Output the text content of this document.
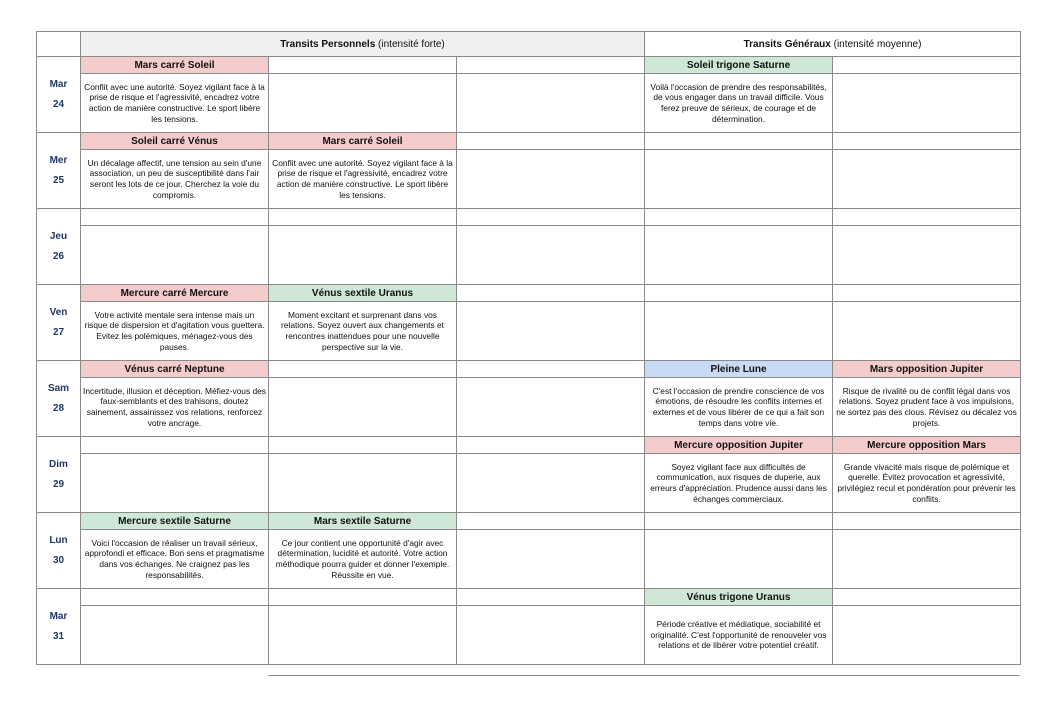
	Transits Personnels (intensité forte)			Transits Généraux (intensité moyenne)	

Mar
24	Mars carré Soleil			Soleil trigone Saturne	

	Conflit avec une autorité. Soyez vigilant face à la prise de risque et l'agressivité, encadrez votre action de manière constructive. Le sport libère les tensions.			Voilà l'occasion de prendre des responsabilités, de vous engager dans un travail difficile. Vous ferez preuve de sérieux, de courage et de détermination.	

Mer
25	Soleil carré Vénus	Mars carré Soleil			

	Un décalage affectif, une tension au sein d'une association, un peu de susceptibilité dans l'air seront les lots de ce jour. Cherchez la voie du compromis.	Conflit avec une autorité. Soyez vigilant face à la prise de risque et l'agressivité, encadrez votre action de manière constructive. Le sport libère les tensions.			

Jeu
26					

Ven
27	Mercure carré Mercure	Vénus sextile Uranus			

	Votre activité mentale sera intense mais un risque de dispersion et d'agitation vous guettera. Evitez les polémiques, ménagez-vous des pauses.	Moment excitant et surprenant dans vos relations. Soyez ouvert aux changements et rencontres inattendues pour une nouvelle perspective sur la vie.			

Sam
28	Vénus carré Neptune			Pleine Lune	Mars opposition Jupiter

	Incertitude, illusion et déception. Méfiez-vous des faux-semblants et des trahisons, doutez sainement, assainissez vos relations, renforcez votre ancrage.			C'est l'occasion de prendre conscience de vos émotions, de résoudre les conflits internes et externes et de vous libérer de ce qui a fait son temps dans votre vie.	Risque de rivalité ou de conflit légal dans vos relations. Soyez prudent face à vos impulsions, ne sortez pas des clous. Révisez ou décalez vos projets.

Dim
29				Mercure opposition Jupiter	Mercure opposition Mars

				Soyez vigilant face aux difficultés de communication, aux risques de duperie, aux erreurs d'appréciation. Prudence aussi dans les échanges commerciaux.	Grande vivacité mais risque de polémique et querelle. Évitez provocation et agressivité, privilégiez recul et pondération pour prévenir les conflits.

Lun
30	Mercure sextile Saturne	Mars sextile Saturne			

	Voici l'occasion de réaliser un travail sérieux, approfondi et efficace. Bon sens et pragmatisme dans vos échanges. Ne craignez pas les responsabilités.	Ce jour contient une opportunité d'agir avec détermination, lucidité et autorité. Votre action méthodique pourra guider et donner l'exemple. Réussite en vue.			

Mar
31				Vénus trigone Uranus	

				Période créative et médiatique, sociabilité et originalité. C'est l'opportunité de renouveler vos relations et de libérer votre potentiel créatif.	
